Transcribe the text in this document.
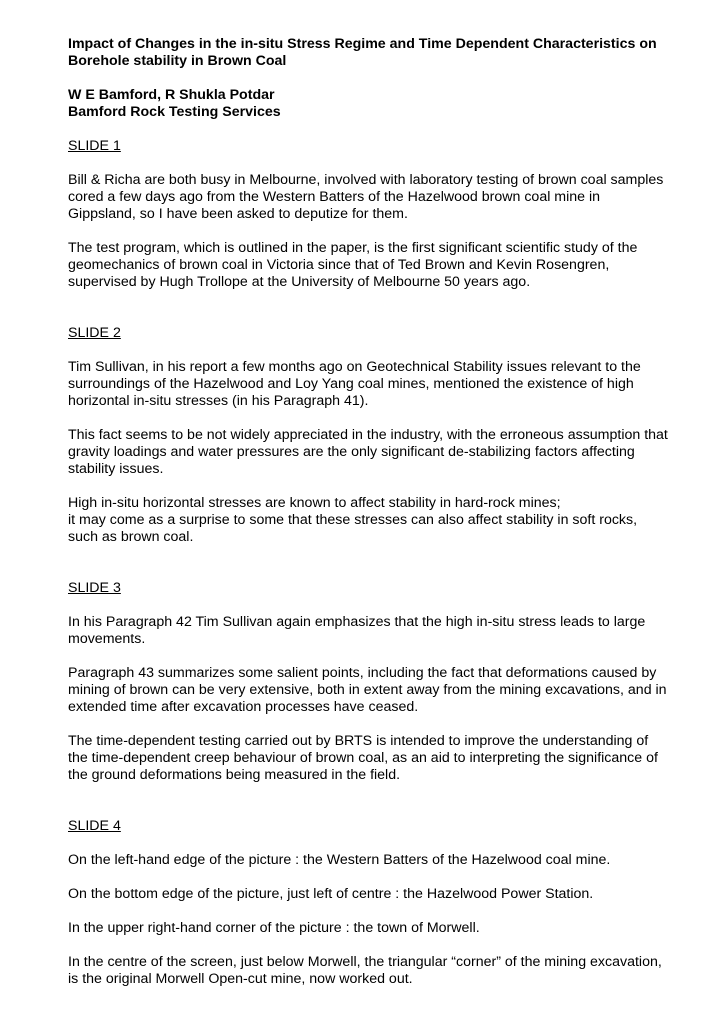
Impact of Changes in the in-situ Stress Regime and Time Dependent Characteristics on Borehole stability in Brown Coal
W E Bamford, R Shukla Potdar
Bamford Rock Testing Services
SLIDE 1

Bill & Richa are both busy in Melbourne, involved with laboratory testing of brown coal samples cored a few days ago from the Western Batters of the Hazelwood brown coal mine in Gippsland, so I have been asked to deputize for them.

The test program, which is outlined in the paper, is the first significant scientific study of the geomechanics of brown coal in Victoria since that of Ted Brown and Kevin Rosengren, supervised by Hugh Trollope at the University of Melbourne 50 years ago.

SLIDE 2

Tim Sullivan, in his report a few months ago on Geotechnical Stability issues relevant to the surroundings of the Hazelwood and Loy Yang coal mines, mentioned the existence of high horizontal in-situ stresses (in his Paragraph 41).

This fact seems to be not widely appreciated in the industry, with the erroneous assumption that gravity loadings and water pressures are the only significant de-stabilizing factors affecting stability issues.

High in-situ horizontal stresses are known to affect stability in hard-rock mines;
it may come as a surprise to some that these stresses can also affect stability in soft rocks, such as brown coal.

SLIDE 3

In his Paragraph 42 Tim Sullivan again emphasizes that the high in-situ stress leads to large movements.

Paragraph 43 summarizes some salient points, including the fact that deformations caused by mining of brown can be very extensive, both in extent away from the mining excavations, and in extended time after excavation processes have ceased.

The time-dependent testing carried out by BRTS is intended to improve the understanding of the time-dependent creep behaviour of brown coal, as an aid to interpreting the significance of the ground deformations being measured in the field.

SLIDE 4

On the left-hand edge of the picture : the Western Batters of the Hazelwood coal mine.

On the bottom edge of the picture, just left of centre : the Hazelwood Power Station.

In the upper right-hand corner of the picture : the town of Morwell.

In the centre of the screen, just below Morwell, the triangular “corner” of the mining excavation, is the original Morwell Open-cut mine, now worked out.
